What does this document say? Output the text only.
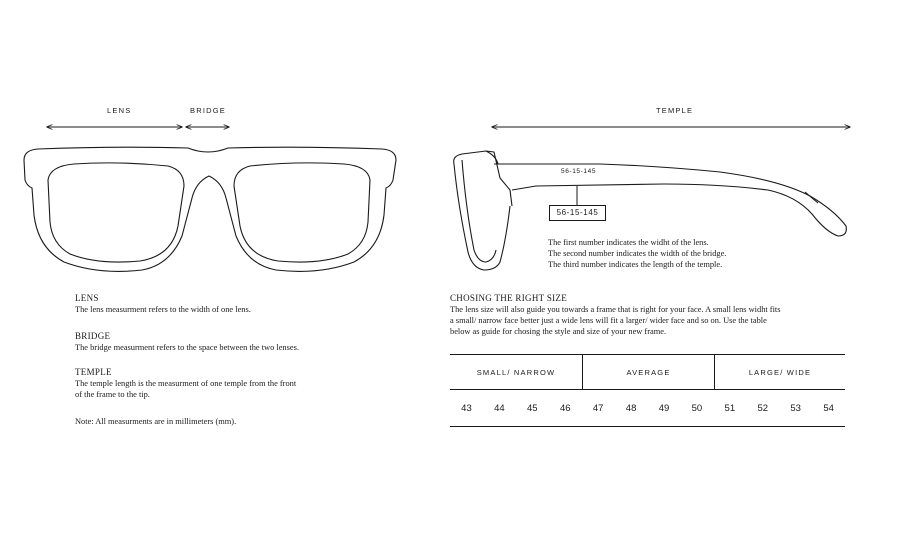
LENS	BRIDGE	TEMPLE
56-15-145
56-15-145
The first number indicates the widht of the lens.
The second number indicates the width of the bridge.
The third number indicates the length of the temple.
LENS
The lens measurment refers to the width of one lens.
BRIDGE
The bridge measurment refers to the space between the two lenses.
TEMPLE
The temple length is the measurment of one temple from the front
of the frame to the tip.
Note: All measurments are in millimeters (mm).
CHOSING THE RIGHT SIZE
The lens size will also guide you towards a frame that is right for your face. A small lens widht fits
a small/ narrow face better just a wide lens will fit a larger/ wider face and so on. Use the table
below as guide for chosing the style and size of your new frame.
SMALL/ NARROW	AVERAGE	LARGE/ WIDE
43	44	45	46	47	48	49	50	51	52	53	54
